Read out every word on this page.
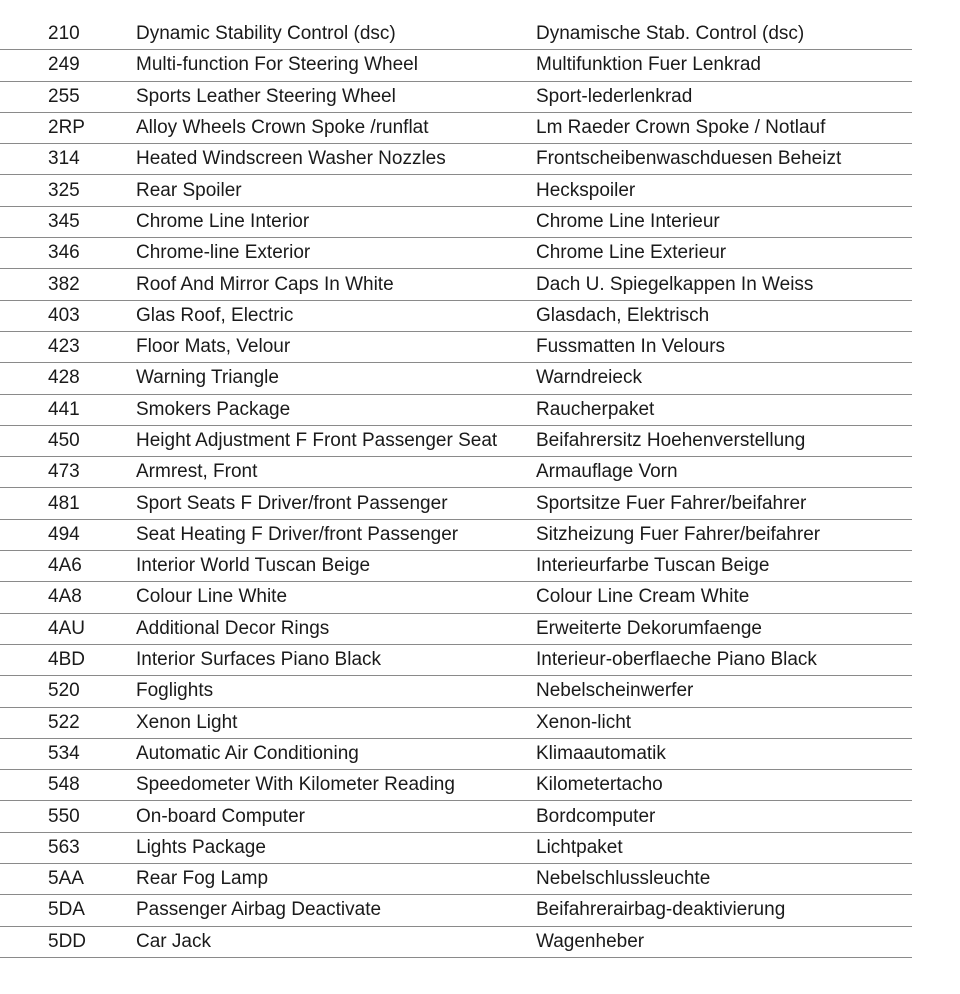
210	Dynamic Stability Control (dsc)	Dynamische Stab. Control (dsc)
249	Multi-function For Steering Wheel	Multifunktion Fuer Lenkrad
255	Sports Leather Steering Wheel	Sport-lederlenkrad
2RP	Alloy Wheels Crown Spoke /runflat	Lm Raeder Crown Spoke / Notlauf
314	Heated Windscreen Washer Nozzles	Frontscheibenwaschduesen Beheizt
325	Rear Spoiler	Heckspoiler
345	Chrome Line Interior	Chrome Line Interieur
346	Chrome-line Exterior	Chrome Line Exterieur
382	Roof And Mirror Caps In White	Dach U. Spiegelkappen In Weiss
403	Glas Roof, Electric	Glasdach, Elektrisch
423	Floor Mats, Velour	Fussmatten In Velours
428	Warning Triangle	Warndreieck
441	Smokers Package	Raucherpaket
450	Height Adjustment F Front Passenger Seat	Beifahrersitz Hoehenverstellung
473	Armrest, Front	Armauflage Vorn
481	Sport Seats F Driver/front Passenger	Sportsitze Fuer Fahrer/beifahrer
494	Seat Heating F Driver/front Passenger	Sitzheizung Fuer Fahrer/beifahrer
4A6	Interior World Tuscan Beige	Interieurfarbe Tuscan Beige
4A8	Colour Line White	Colour Line Cream White
4AU	Additional Decor Rings	Erweiterte Dekorumfaenge
4BD	Interior Surfaces Piano Black	Interieur-oberflaeche Piano Black
520	Foglights	Nebelscheinwerfer
522	Xenon Light	Xenon-licht
534	Automatic Air Conditioning	Klimaautomatik
548	Speedometer With Kilometer Reading	Kilometertacho
550	On-board Computer	Bordcomputer
563	Lights Package	Lichtpaket
5AA	Rear Fog Lamp	Nebelschlussleuchte
5DA	Passenger Airbag Deactivate	Beifahrerairbag-deaktivierung
5DD	Car Jack	Wagenheber
